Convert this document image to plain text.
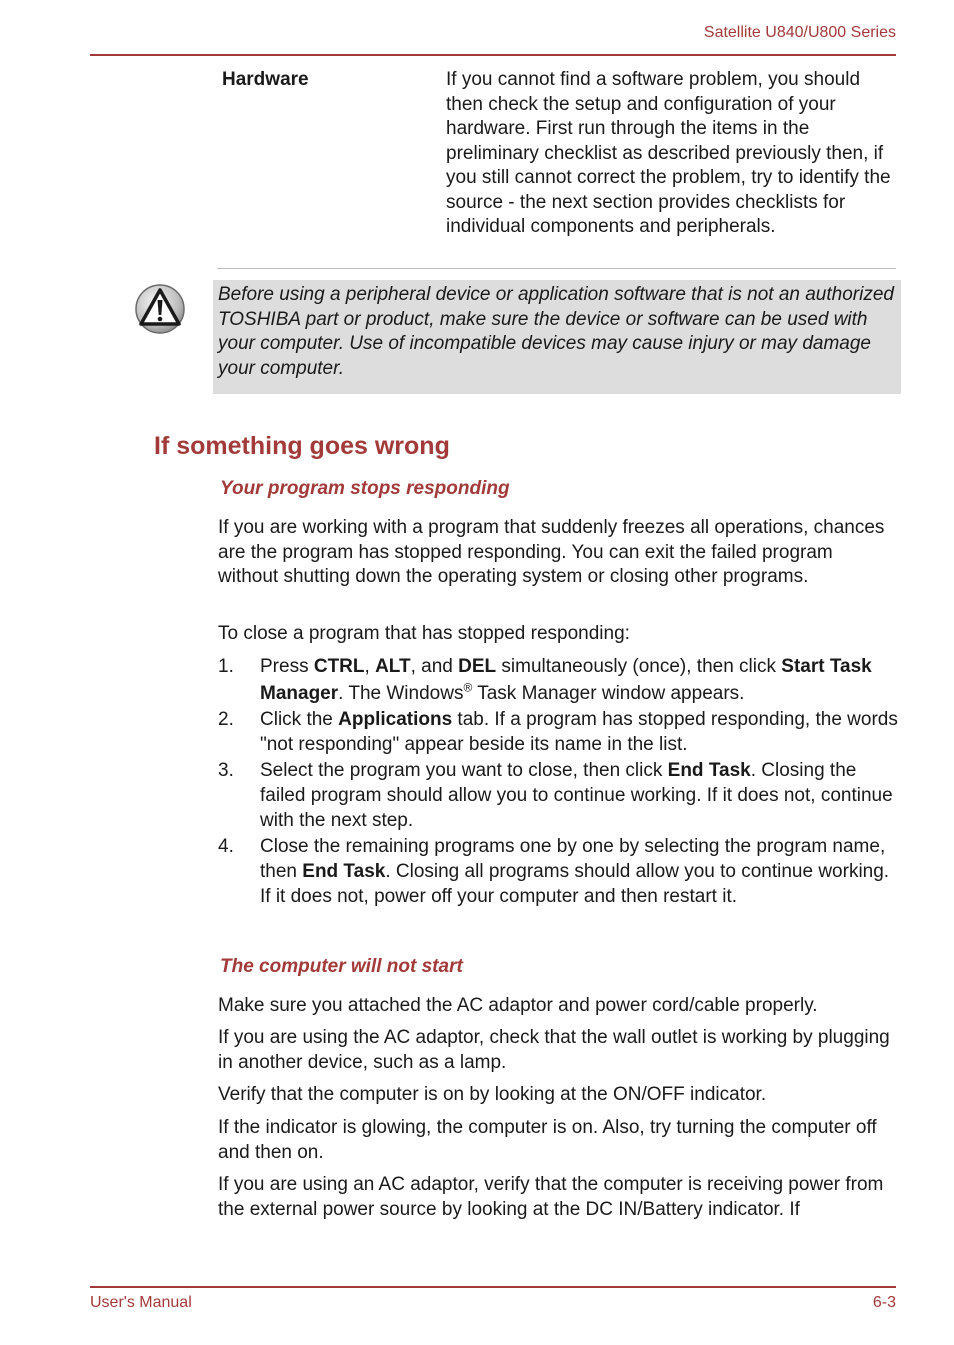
Satellite U840/U800 Series
Hardware	If you cannot find a software problem, you should then check the setup and configuration of your hardware. First run through the items in the preliminary checklist as described previously then, if you still cannot correct the problem, try to identify the source - the next section provides checklists for individual components and peripherals.
Before using a peripheral device or application software that is not an authorized TOSHIBA part or product, make sure the device or software can be used with your computer. Use of incompatible devices may cause injury or may damage your computer.
If something goes wrong
Your program stops responding

If you are working with a program that suddenly freezes all operations, chances are the program has stopped responding. You can exit the failed program without shutting down the operating system or closing other programs.

To close a program that has stopped responding:

1. Press CTRL, ALT, and DEL simultaneously (once), then click Start Task Manager. The Windows® Task Manager window appears.
2. Click the Applications tab. If a program has stopped responding, the words "not responding" appear beside its name in the list.
3. Select the program you want to close, then click End Task. Closing the failed program should allow you to continue working. If it does not, continue with the next step.
4. Close the remaining programs one by one by selecting the program name, then End Task. Closing all programs should allow you to continue working. If it does not, power off your computer and then restart it.
The computer will not start

Make sure you attached the AC adaptor and power cord/cable properly.

If you are using the AC adaptor, check that the wall outlet is working by plugging in another device, such as a lamp.

Verify that the computer is on by looking at the ON/OFF indicator.

If the indicator is glowing, the computer is on. Also, try turning the computer off and then on.

If you are using an AC adaptor, verify that the computer is receiving power from the external power source by looking at the DC IN/Battery indicator. If

User's Manual	6-3
